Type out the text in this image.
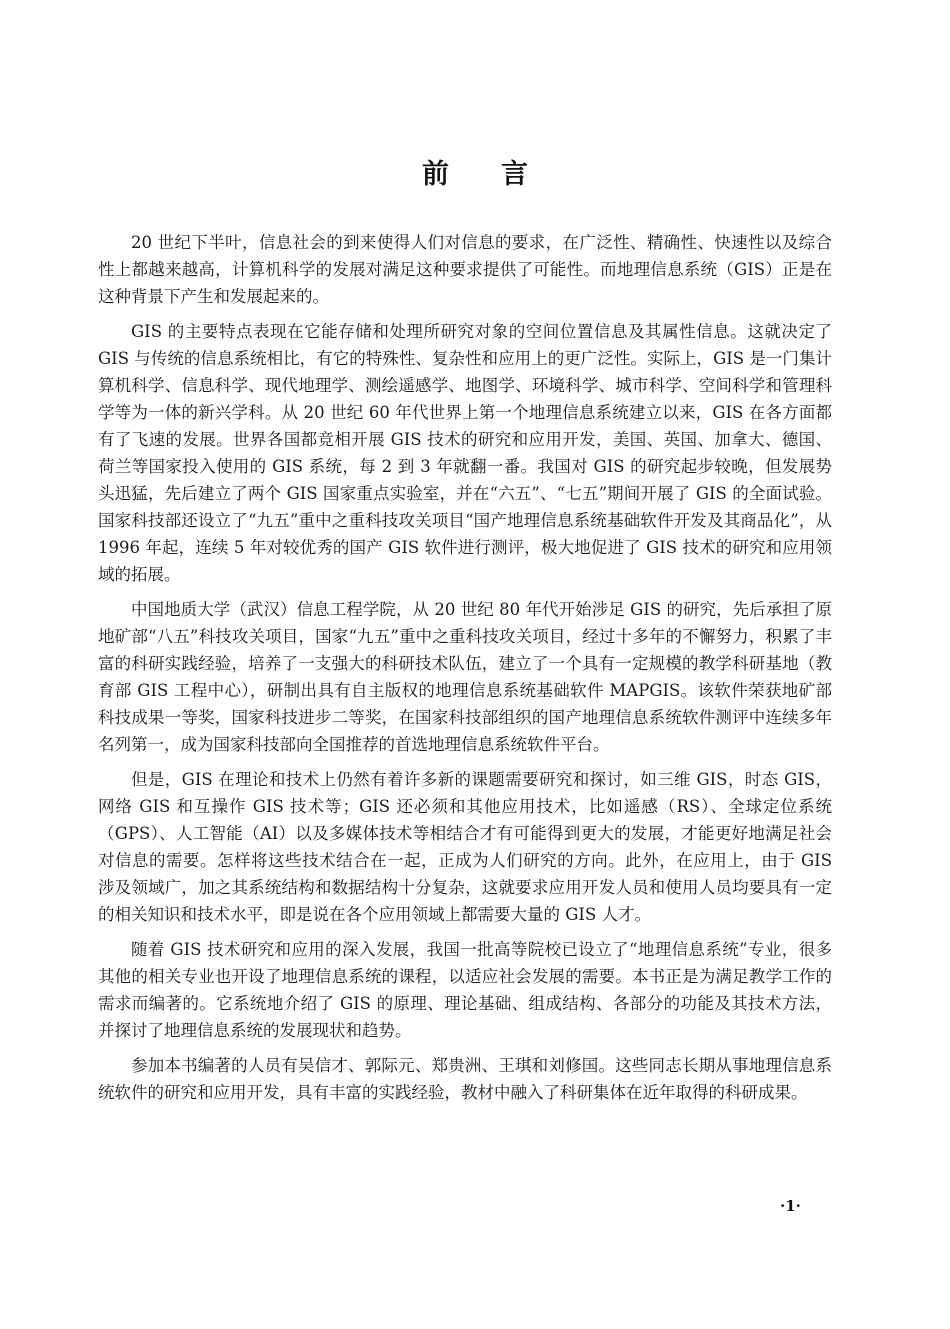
前言

20 世纪下半叶，信息社会的到来使得人们对信息的要求，在广泛性、精确性、快速性以及综合性上都越来越高，计算机科学的发展对满足这种要求提供了可能性。而地理信息系统（GIS）正是在这种背景下产生和发展起来的。

GIS 的主要特点表现在它能存储和处理所研究对象的空间位置信息及其属性信息。这就决定了 GIS 与传统的信息系统相比，有它的特殊性、复杂性和应用上的更广泛性。实际上，GIS 是一门集计算机科学、信息科学、现代地理学、测绘遥感学、地图学、环境科学、城市科学、空间科学和管理科学等为一体的新兴学科。从 20 世纪 60 年代世界上第一个地理信息系统建立以来，GIS 在各方面都有了飞速的发展。世界各国都竞相开展 GIS 技术的研究和应用开发，美国、英国、加拿大、德国、荷兰等国家投入使用的 GIS 系统，每 2 到 3 年就翻一番。我国对 GIS 的研究起步较晚，但发展势头迅猛，先后建立了两个 GIS 国家重点实验室，并在“六五”、“七五”期间开展了 GIS 的全面试验。国家科技部还设立了“九五”重中之重科技攻关项目“国产地理信息系统基础软件开发及其商品化”，从 1996 年起，连续 5 年对较优秀的国产 GIS 软件进行测评，极大地促进了 GIS 技术的研究和应用领域的拓展。

中国地质大学（武汉）信息工程学院，从 20 世纪 80 年代开始涉足 GIS 的研究，先后承担了原地矿部“八五”科技攻关项目，国家“九五”重中之重科技攻关项目，经过十多年的不懈努力，积累了丰富的科研实践经验，培养了一支强大的科研技术队伍，建立了一个具有一定规模的教学科研基地（教育部 GIS 工程中心），研制出具有自主版权的地理信息系统基础软件 MAPGIS。该软件荣获地矿部科技成果一等奖，国家科技进步二等奖，在国家科技部组织的国产地理信息系统软件测评中连续多年名列第一，成为国家科技部向全国推荐的首选地理信息系统软件平台。

但是，GIS 在理论和技术上仍然有着许多新的课题需要研究和探讨，如三维 GIS，时态 GIS，网络 GIS 和互操作 GIS 技术等；GIS 还必须和其他应用技术，比如遥感（RS）、全球定位系统（GPS）、人工智能（AI）以及多媒体技术等相结合才有可能得到更大的发展，才能更好地满足社会对信息的需要。怎样将这些技术结合在一起，正成为人们研究的方向。此外，在应用上，由于 GIS 涉及领域广，加之其系统结构和数据结构十分复杂，这就要求应用开发人员和使用人员均要具有一定的相关知识和技术水平，即是说在各个应用领域上都需要大量的 GIS 人才。

随着 GIS 技术研究和应用的深入发展，我国一批高等院校已设立了“地理信息系统”专业，很多其他的相关专业也开设了地理信息系统的课程，以适应社会发展的需要。本书正是为满足教学工作的需求而编著的。它系统地介绍了 GIS 的原理、理论基础、组成结构、各部分的功能及其技术方法，并探讨了地理信息系统的发展现状和趋势。

参加本书编著的人员有吴信才、郭际元、郑贵洲、王琪和刘修国。这些同志长期从事地理信息系统软件的研究和应用开发，具有丰富的实践经验，教材中融入了科研集体在近年取得的科研成果。

·1·
